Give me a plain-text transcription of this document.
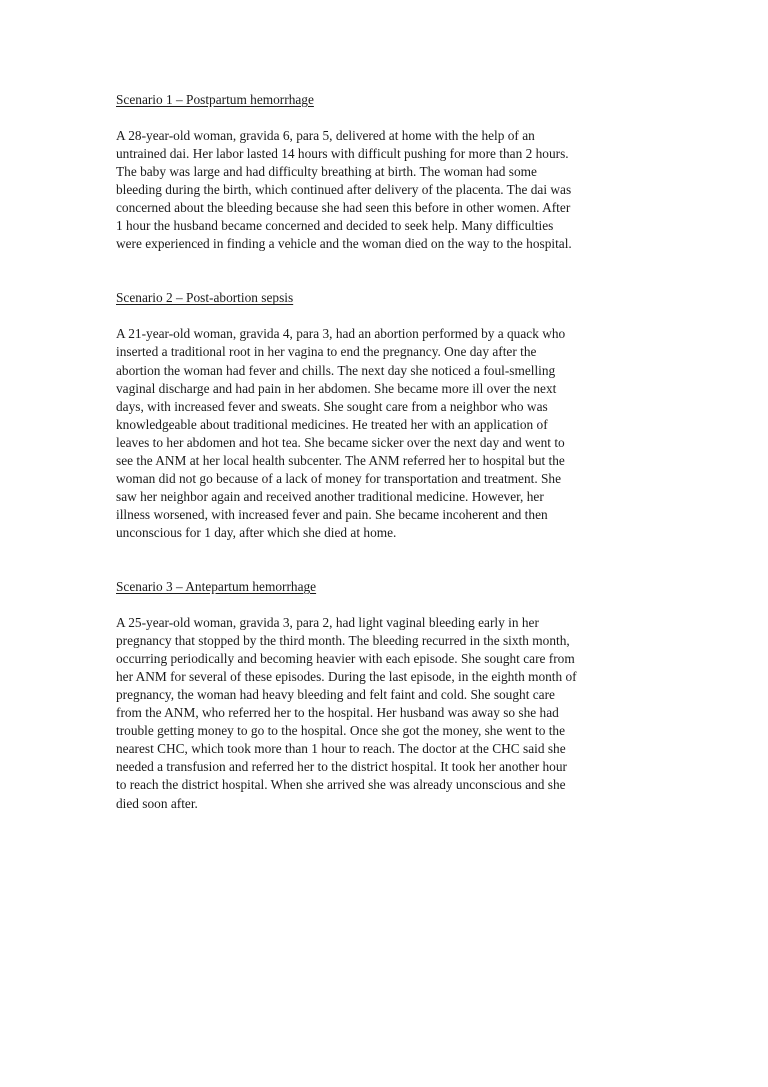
Scenario 1 – Postpartum hemorrhage

A 28-year-old woman, gravida 6, para 5, delivered at home with the help of an
untrained dai. Her labor lasted 14 hours with difficult pushing for more than 2 hours.
The baby was large and had difficulty breathing at birth. The woman had some
bleeding during the birth, which continued after delivery of the placenta. The dai was
concerned about the bleeding because she had seen this before in other women. After
1 hour the husband became concerned and decided to seek help. Many difficulties
were experienced in finding a vehicle and the woman died on the way to the hospital.

Scenario 2 – Post-abortion sepsis

A 21-year-old woman, gravida 4, para 3, had an abortion performed by a quack who
inserted a traditional root in her vagina to end the pregnancy. One day after the
abortion the woman had fever and chills. The next day she noticed a foul-smelling
vaginal discharge and had pain in her abdomen. She became more ill over the next
days, with increased fever and sweats. She sought care from a neighbor who was
knowledgeable about traditional medicines. He treated her with an application of
leaves to her abdomen and hot tea. She became sicker over the next day and went to
see the ANM at her local health subcenter. The ANM referred her to hospital but the
woman did not go because of a lack of money for transportation and treatment. She
saw her neighbor again and received another traditional medicine. However, her
illness worsened, with increased fever and pain. She became incoherent and then
unconscious for 1 day, after which she died at home.

Scenario 3 – Antepartum hemorrhage

A 25-year-old woman, gravida 3, para 2, had light vaginal bleeding early in her
pregnancy that stopped by the third month. The bleeding recurred in the sixth month,
occurring periodically and becoming heavier with each episode. She sought care from
her ANM for several of these episodes. During the last episode, in the eighth month of
pregnancy, the woman had heavy bleeding and felt faint and cold. She sought care
from the ANM, who referred her to the hospital. Her husband was away so she had
trouble getting money to go to the hospital. Once she got the money, she went to the
nearest CHC, which took more than 1 hour to reach. The doctor at the CHC said she
needed a transfusion and referred her to the district hospital. It took her another hour
to reach the district hospital. When she arrived she was already unconscious and she
died soon after.
